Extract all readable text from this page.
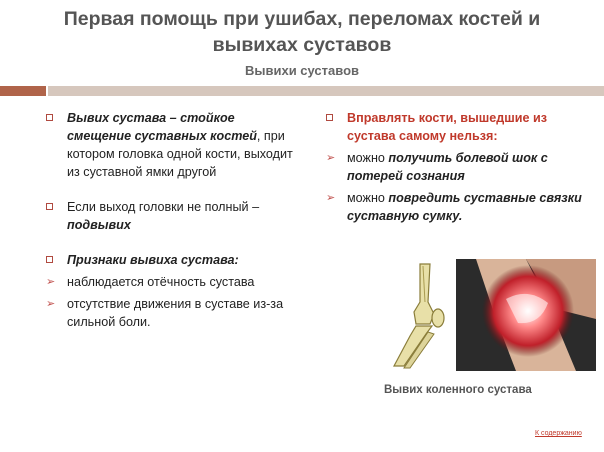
Первая помощь при ушибах, переломах костей и
вывихах суставов
Вывихи суставов
Вывих сустава – стойкое смещение суставных костей, при котором головка одной кости, выходит из суставной ямки другой
Если выход головки не полный –
подвывих
Признаки вывиха сустава:
➢ наблюдается отёчность сустава
➢ отсутствие движения в суставе из-за сильной боли.
Вправлять кости, вышедшие из сустава самому нельзя:
➢ можно получить болевой шок с потерей сознания
➢ можно повредить суставные связки суставную сумку.
Вывих коленного сустава
К содержанию
